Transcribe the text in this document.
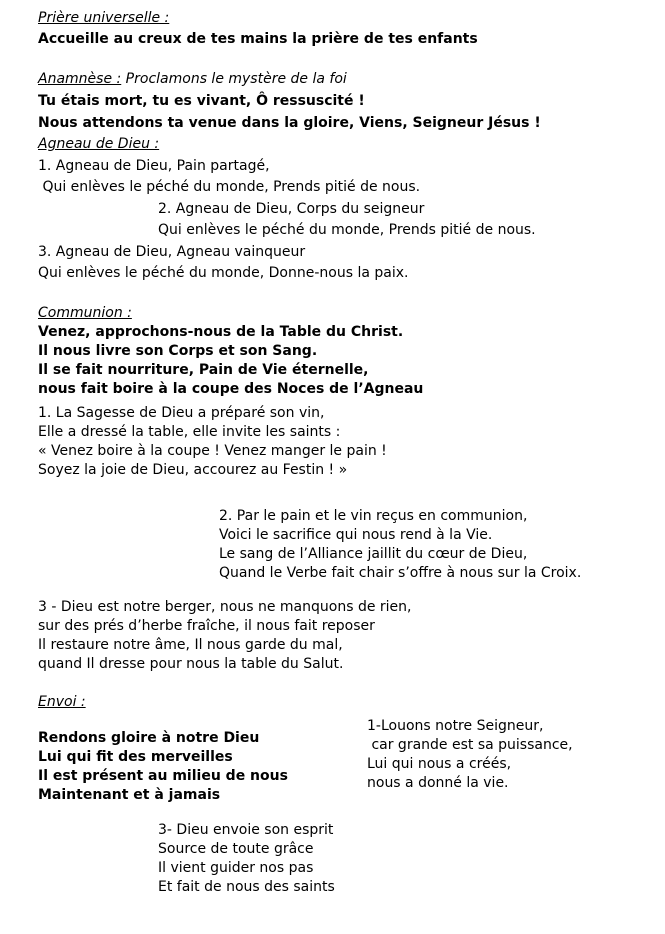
Prière universelle :
Accueille au creux de tes mains la prière de tes enfants
Anamnèse : Proclamons le mystère de la foi
Tu étais mort, tu es vivant, Ô ressuscité !
Nous attendons ta venue dans la gloire, Viens, Seigneur Jésus !
Agneau de Dieu :
1. Agneau de Dieu, Pain partagé,
Qui enlèves le péché du monde, Prends pitié de nous.
2. Agneau de Dieu, Corps du seigneur
Qui enlèves le péché du monde, Prends pitié de nous.
3. Agneau de Dieu, Agneau vainqueur
Qui enlèves le péché du monde, Donne-nous la paix.
Communion :
Venez, approchons-nous de la Table du Christ.
Il nous livre son Corps et son Sang.
Il se fait nourriture, Pain de Vie éternelle,
nous fait boire à la coupe des Noces de l’Agneau
1. La Sagesse de Dieu a préparé son vin,
Elle a dressé la table, elle invite les saints :
« Venez boire à la coupe ! Venez manger le pain !
Soyez la joie de Dieu, accourez au Festin ! »
2. Par le pain et le vin reçus en communion,
Voici le sacrifice qui nous rend à la Vie.
Le sang de l’Alliance jaillit du cœur de Dieu,
Quand le Verbe fait chair s’offre à nous sur la Croix.
3 - Dieu est notre berger, nous ne manquons de rien,
sur des prés d’herbe fraîche, il nous fait reposer
Il restaure notre âme, Il nous garde du mal,
quand Il dresse pour nous la table du Salut.
Envoi :
Rendons gloire à notre Dieu
Lui qui fit des merveilles
Il est présent au milieu de nous
Maintenant et à jamais
1-Louons notre Seigneur,
car grande est sa puissance,
Lui qui nous a créés,
nous a donné la vie.
3- Dieu envoie son esprit
Source de toute grâce
Il vient guider nos pas
Et fait de nous des saints
